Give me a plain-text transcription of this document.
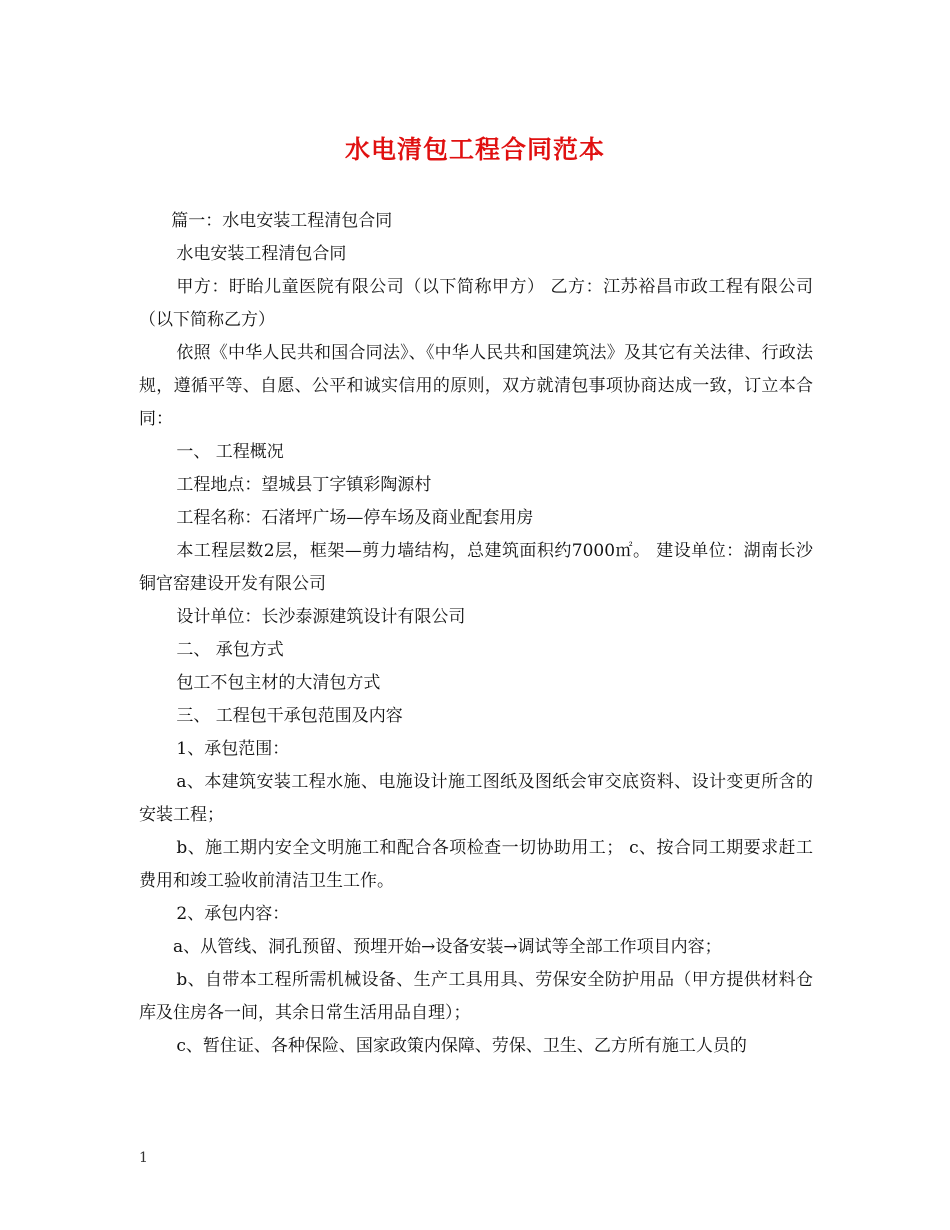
水电清包工程合同范本

篇一：水电安装工程清包合同

水电安装工程清包合同

甲方：盱眙儿童医院有限公司（以下简称甲方） 乙方：江苏裕昌市政工程有限公司（以下简称乙方）

依照《中华人民共和国合同法》、《中华人民共和国建筑法》及其它有关法律、行政法规，遵循平等、自愿、公平和诚实信用的原则，双方就清包事项协商达成一致，订立本合同：

一、 工程概况

工程地点：望城县丁字镇彩陶源村

工程名称：石渚坪广场—停车场及商业配套用房

本工程层数2层，框架—剪力墙结构，总建筑面积约7000㎡。 建设单位：湖南长沙铜官窑建设开发有限公司

设计单位：长沙泰源建筑设计有限公司

二、 承包方式

包工不包主材的大清包方式

三、 工程包干承包范围及内容

1、承包范围：

a、本建筑安装工程水施、电施设计施工图纸及图纸会审交底资料、设计变更所含的安装工程；

b、施工期内安全文明施工和配合各项检查一切协助用工； c、按合同工期要求赶工费用和竣工验收前清洁卫生工作。

2、承包内容：

a、从管线、洞孔预留、预埋开始→设备安装→调试等全部工作项目内容；

b、自带本工程所需机械设备、生产工具用具、劳保安全防护用品（甲方提供材料仓库及住房各一间，其余日常生活用品自理）；

c、暂住证、各种保险、国家政策内保障、劳保、卫生、乙方所有施工人员的

1
